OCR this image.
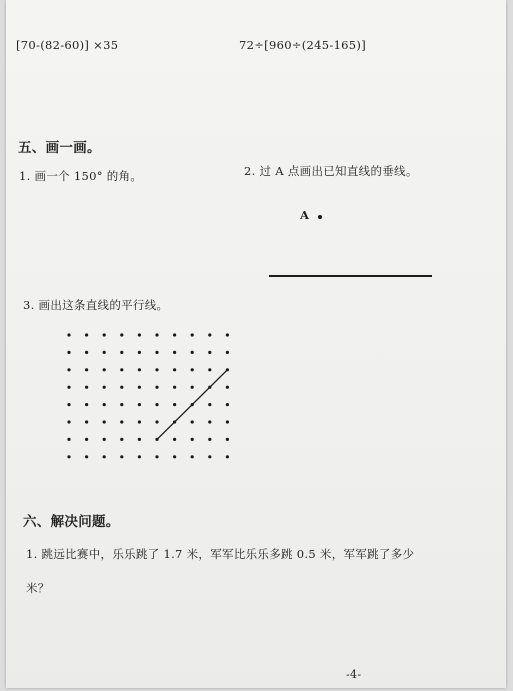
[70-(82-60)] ×35	72÷[960÷(245-165)]
五、画一画。
1. 画一个 150° 的角。	2. 过 A 点画出已知直线的垂线。
A
3. 画出这条直线的平行线。
六、解决问题。
1. 跳远比赛中，乐乐跳了 1.7 米，军军比乐乐多跳 0.5 米，军军跳了多少
米？
-4-
